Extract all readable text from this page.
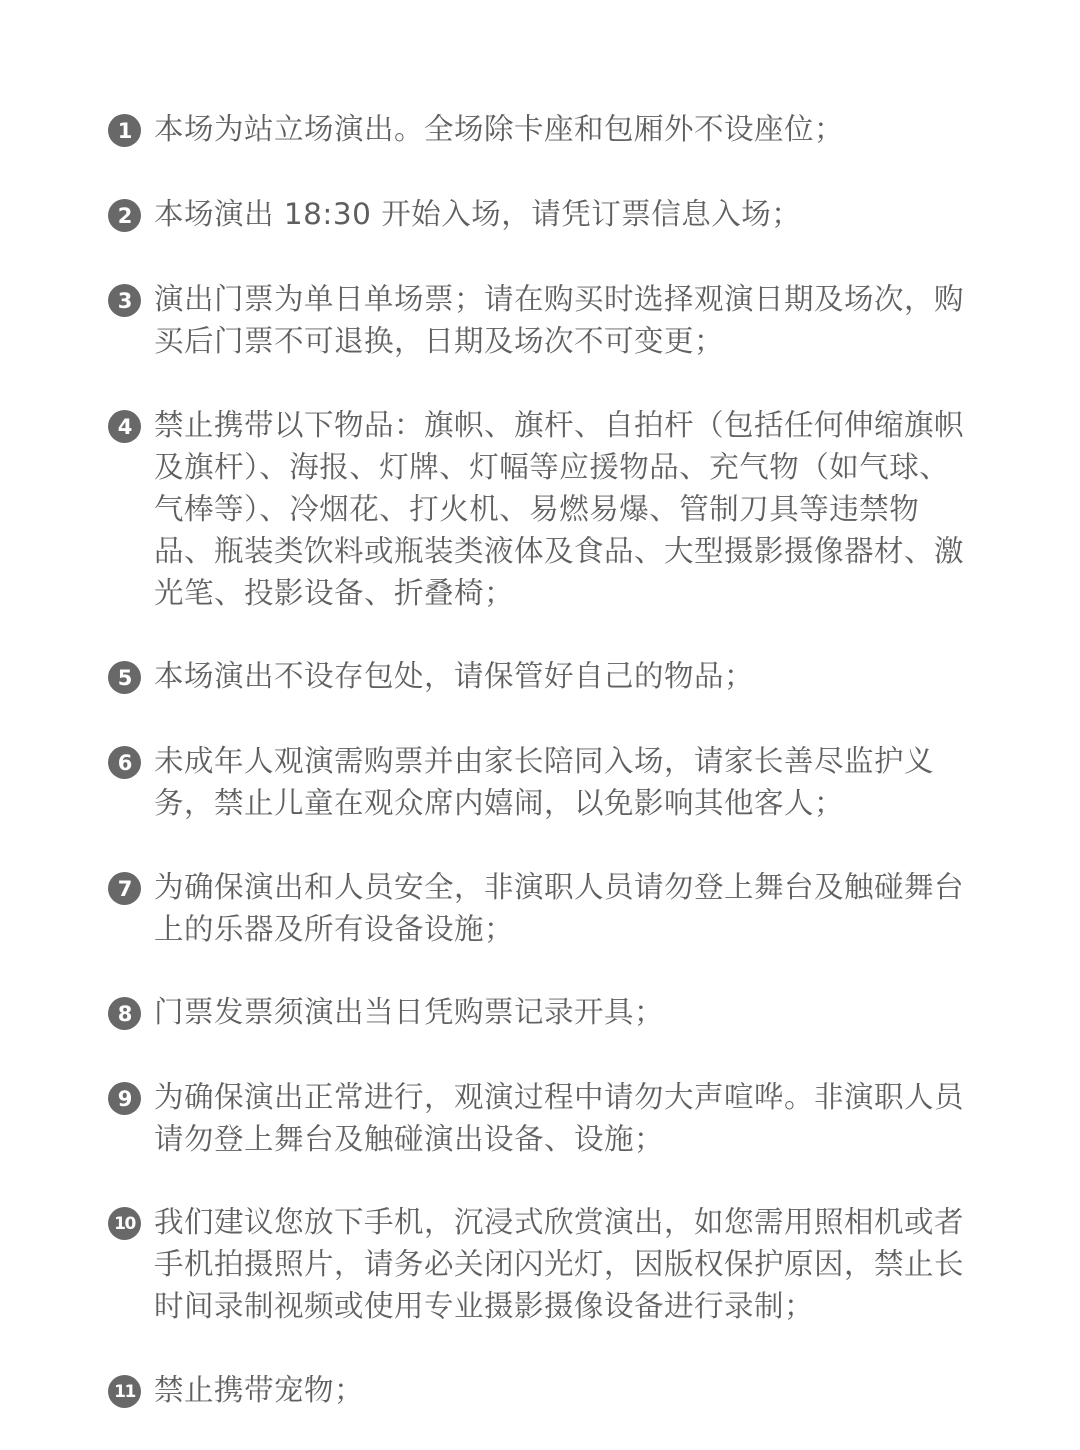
1 本场为站立场演出。全场除卡座和包厢外不设座位；
2 本场演出 18:30 开始入场，请凭订票信息入场；
3 演出门票为单日单场票；请在购买时选择观演日期及场次，购买后门票不可退换，日期及场次不可变更；
4 禁止携带以下物品：旗帜、旗杆、自拍杆（包括任何伸缩旗帜及旗杆）、海报、灯牌、灯幅等应援物品、充气物（如气球、气棒等）、冷烟花、打火机、易燃易爆、管制刀具等违禁物品、瓶装类饮料或瓶装类液体及食品、大型摄影摄像器材、激光笔、投影设备、折叠椅；
5 本场演出不设存包处，请保管好自己的物品；
6 未成年人观演需购票并由家长陪同入场，请家长善尽监护义务，禁止儿童在观众席内嬉闹，以免影响其他客人；
7 为确保演出和人员安全，非演职人员请勿登上舞台及触碰舞台上的乐器及所有设备设施；
8 门票发票须演出当日凭购票记录开具；
9 为确保演出正常进行，观演过程中请勿大声喧哗。非演职人员请勿登上舞台及触碰演出设备、设施；
10 我们建议您放下手机，沉浸式欣赏演出，如您需用照相机或者手机拍摄照片，请务必关闭闪光灯，因版权保护原因，禁止长时间录制视频或使用专业摄影摄像设备进行录制；
11 禁止携带宠物；
